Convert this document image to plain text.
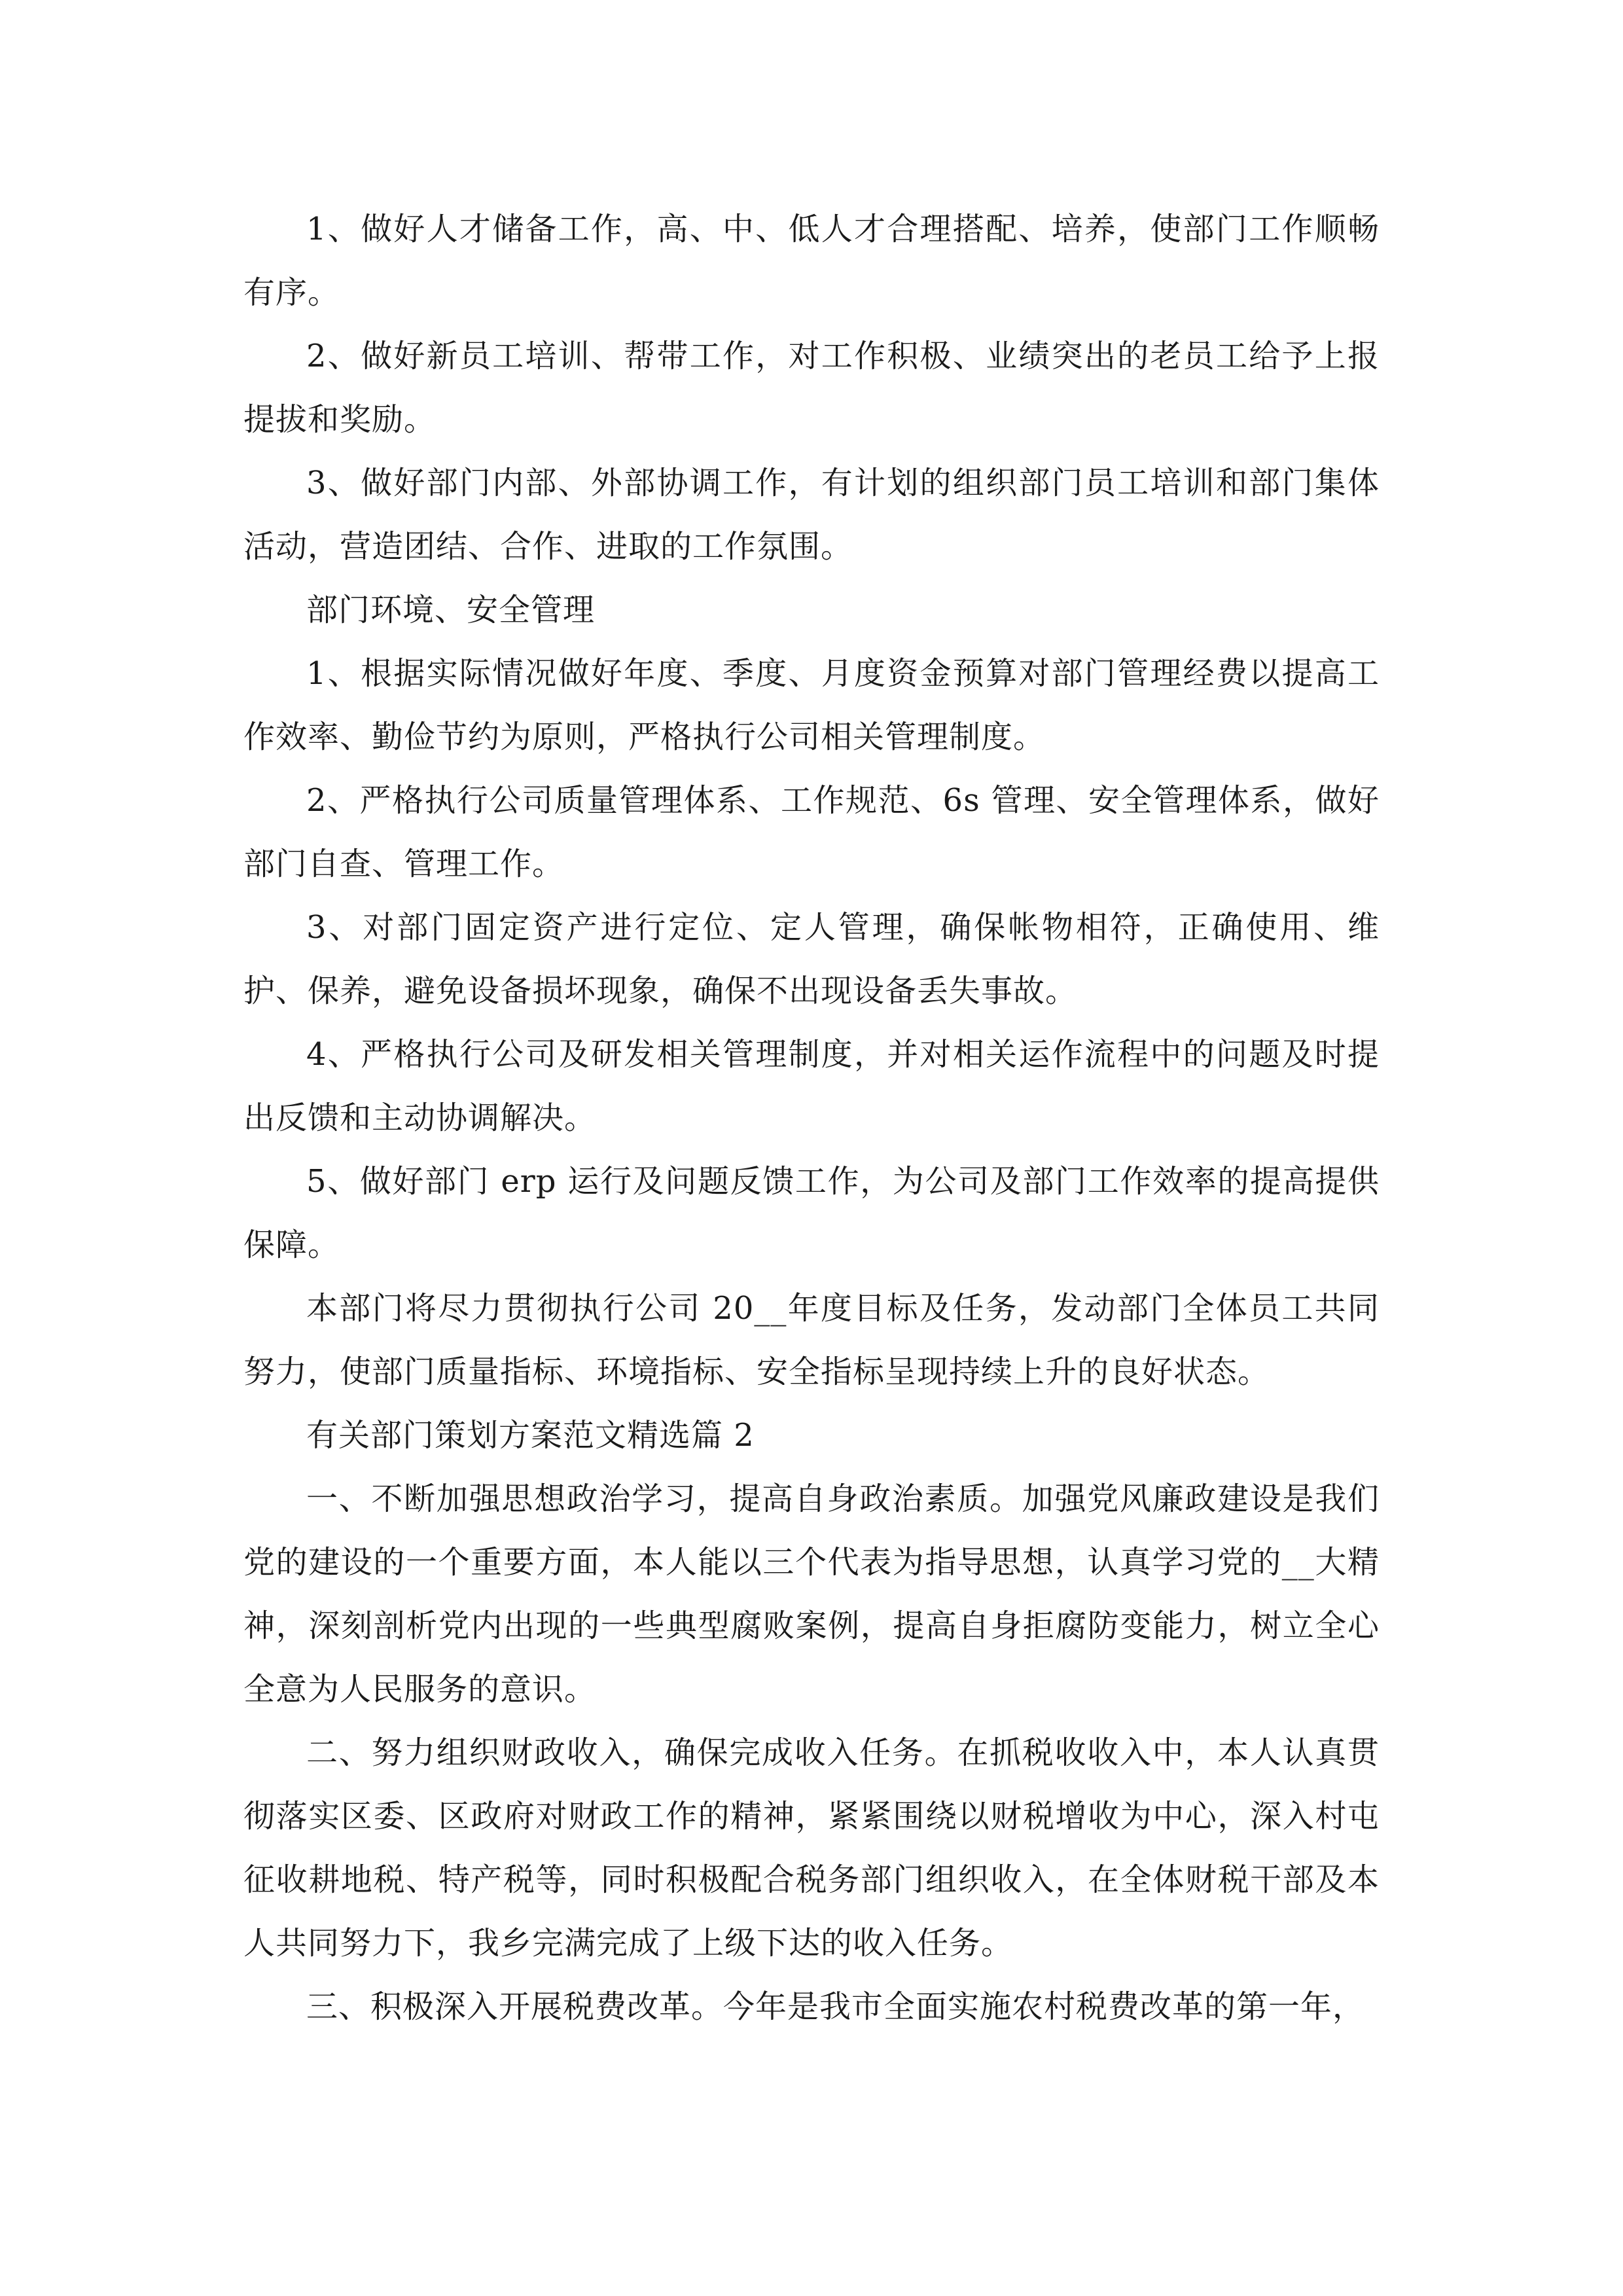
1、做好人才储备工作，高、中、低人才合理搭配、培养，使部门工作顺畅有序。

2、做好新员工培训、帮带工作，对工作积极、业绩突出的老员工给予上报提拔和奖励。

3、做好部门内部、外部协调工作，有计划的组织部门员工培训和部门集体活动，营造团结、合作、进取的工作氛围。

部门环境、安全管理

1、根据实际情况做好年度、季度、月度资金预算对部门管理经费以提高工作效率、勤俭节约为原则，严格执行公司相关管理制度。

2、严格执行公司质量管理体系、工作规范、6s 管理、安全管理体系，做好部门自查、管理工作。

3、对部门固定资产进行定位、定人管理，确保帐物相符，正确使用、维护、保养，避免设备损坏现象，确保不出现设备丢失事故。

4、严格执行公司及研发相关管理制度，并对相关运作流程中的问题及时提出反馈和主动协调解决。

5、做好部门 erp 运行及问题反馈工作，为公司及部门工作效率的提高提供保障。

本部门将尽力贯彻执行公司 20__年度目标及任务，发动部门全体员工共同努力，使部门质量指标、环境指标、安全指标呈现持续上升的良好状态。

有关部门策划方案范文精选篇 2

一、不断加强思想政治学习，提高自身政治素质。加强党风廉政建设是我们党的建设的一个重要方面，本人能以三个代表为指导思想，认真学习党的__大精神，深刻剖析党内出现的一些典型腐败案例，提高自身拒腐防变能力，树立全心全意为人民服务的意识。

二、努力组织财政收入，确保完成收入任务。在抓税收收入中，本人认真贯彻落实区委、区政府对财政工作的精神，紧紧围绕以财税增收为中心，深入村屯征收耕地税、特产税等，同时积极配合税务部门组织收入，在全体财税干部及本人共同努力下，我乡完满完成了上级下达的收入任务。

三、积极深入开展税费改革。今年是我市全面实施农村税费改革的第一年，
